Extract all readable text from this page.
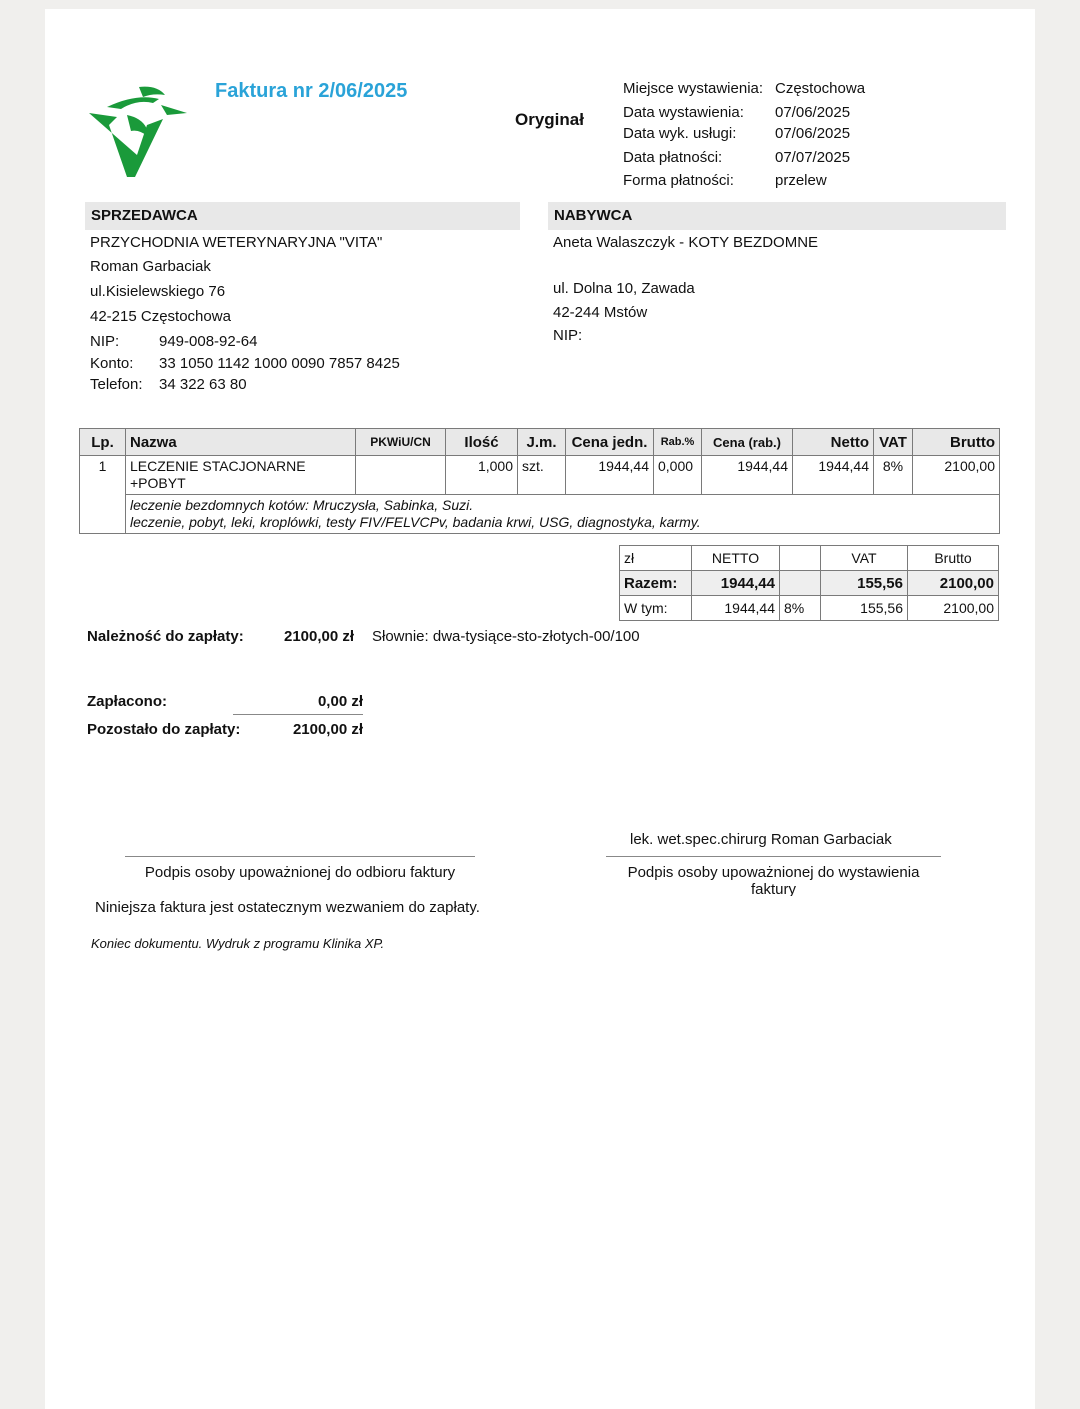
Faktura nr 2/06/2025
Oryginał
Miejsce wystawienia: Częstochowa
Data wystawienia: 07/06/2025
Data wyk. usługi:	07/06/2025
Data płatności:	07/07/2025
Forma płatności:	przelew
SPRZEDAWCA
PRZYCHODNIA WETERYNARYJNA "VITA"
Roman Garbaciak
ul.Kisielewskiego 76
42-215 Częstochowa
NIP:	949-008-92-64
Konto: 33 1050 1142 1000 0090 7857 8425
Telefon: 34 322 63 80
NABYWCA
Aneta Walaszczyk - KOTY BEZDOMNE
ul. Dolna 10, Zawada
42-244 Mstów
NIP:
Lp.	Nazwa	PKWiU/CN	Ilość	J.m.	Cena jedn.	Rab.%	Cena (rab.)	Netto	VAT	Brutto
1	LECZENIE STACJONARNE
+POBYT		1,000	szt.	1944,44	0,000	1944,44	1944,44	8%	2100,00

	leczenie bezdomnych kotów: Mruczysła, Sabinka, Suzi.
leczenie, pobyt, leki, kroplówki, testy FIV/FELVCPv, badania krwi, USG, diagnostyka, karmy.									
zł	NETTO		VAT	Brutto
Razem:	1944,44		155,56	2100,00
W tym:	1944,44	8%	155,56	2100,00
Należność do zapłaty:	2100,00 zł Słownie: dwa-tysiące-sto-złotych-00/100
Zapłacono:	0,00 zł
Pozostało do zapłaty:	2100,00 zł
lek. wet.spec.chirurg Roman Garbaciak
Podpis osoby upoważnionej do odbioru faktury	Podpis osoby upoważnionej do wystawienia
faktury
Niniejsza faktura jest ostatecznym wezwaniem do zapłaty.
Koniec dokumentu. Wydruk z programu Klinika XP.
